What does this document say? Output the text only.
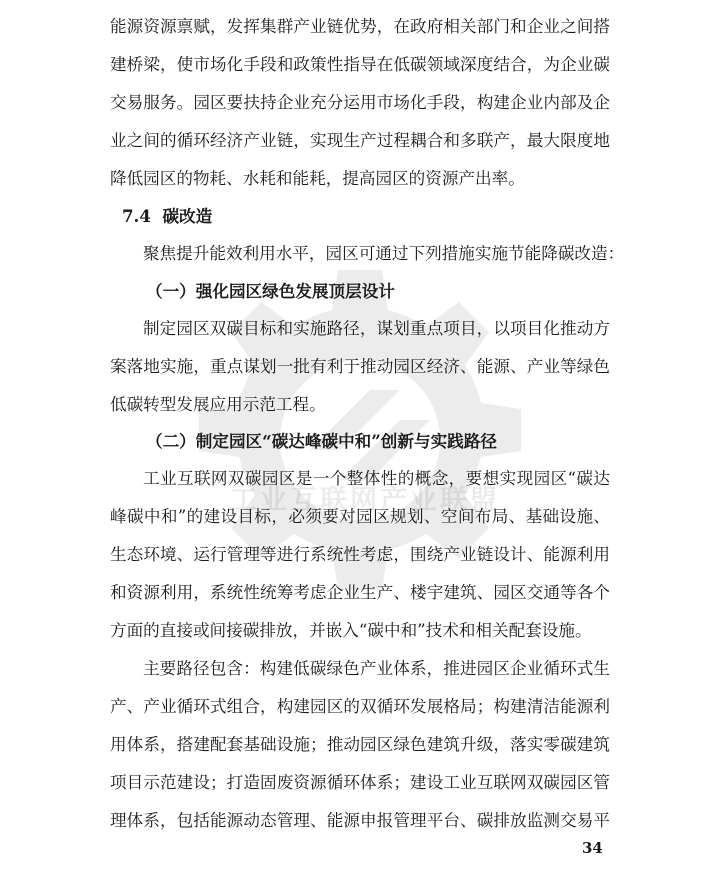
工业互联网产业联盟
能源资源禀赋，发挥集群产业链优势，在政府相关部门和企业之间搭
建桥梁，使市场化手段和政策性指导在低碳领域深度结合，为企业碳
交易服务。园区要扶持企业充分运用市场化手段，构建企业内部及企
业之间的循环经济产业链，实现生产过程耦合和多联产，最大限度地
降低园区的物耗、水耗和能耗，提高园区的资源产出率。
7.4 碳改造
聚焦提升能效利用水平，园区可通过下列措施实施节能降碳改造：
（一）强化园区绿色发展顶层设计
制定园区双碳目标和实施路径，谋划重点项目，以项目化推动方
案落地实施，重点谋划一批有利于推动园区经济、能源、产业等绿色
低碳转型发展应用示范工程。
（二）制定园区“碳达峰碳中和”创新与实践路径
工业互联网双碳园区是一个整体性的概念，要想实现园区“碳达
峰碳中和”的建设目标，必须要对园区规划、空间布局、基础设施、
生态环境、运行管理等进行系统性考虑，围绕产业链设计、能源利用
和资源利用，系统性统筹考虑企业生产、楼宇建筑、园区交通等各个
方面的直接或间接碳排放，并嵌入“碳中和”技术和相关配套设施。
主要路径包含：构建低碳绿色产业体系，推进园区企业循环式生
产、产业循环式组合，构建园区的双循环发展格局；构建清洁能源利
用体系，搭建配套基础设施；推动园区绿色建筑升级，落实零碳建筑
项目示范建设；打造固废资源循环体系；建设工业互联网双碳园区管
理体系，包括能源动态管理、能源申报管理平台、碳排放监测交易平
34
